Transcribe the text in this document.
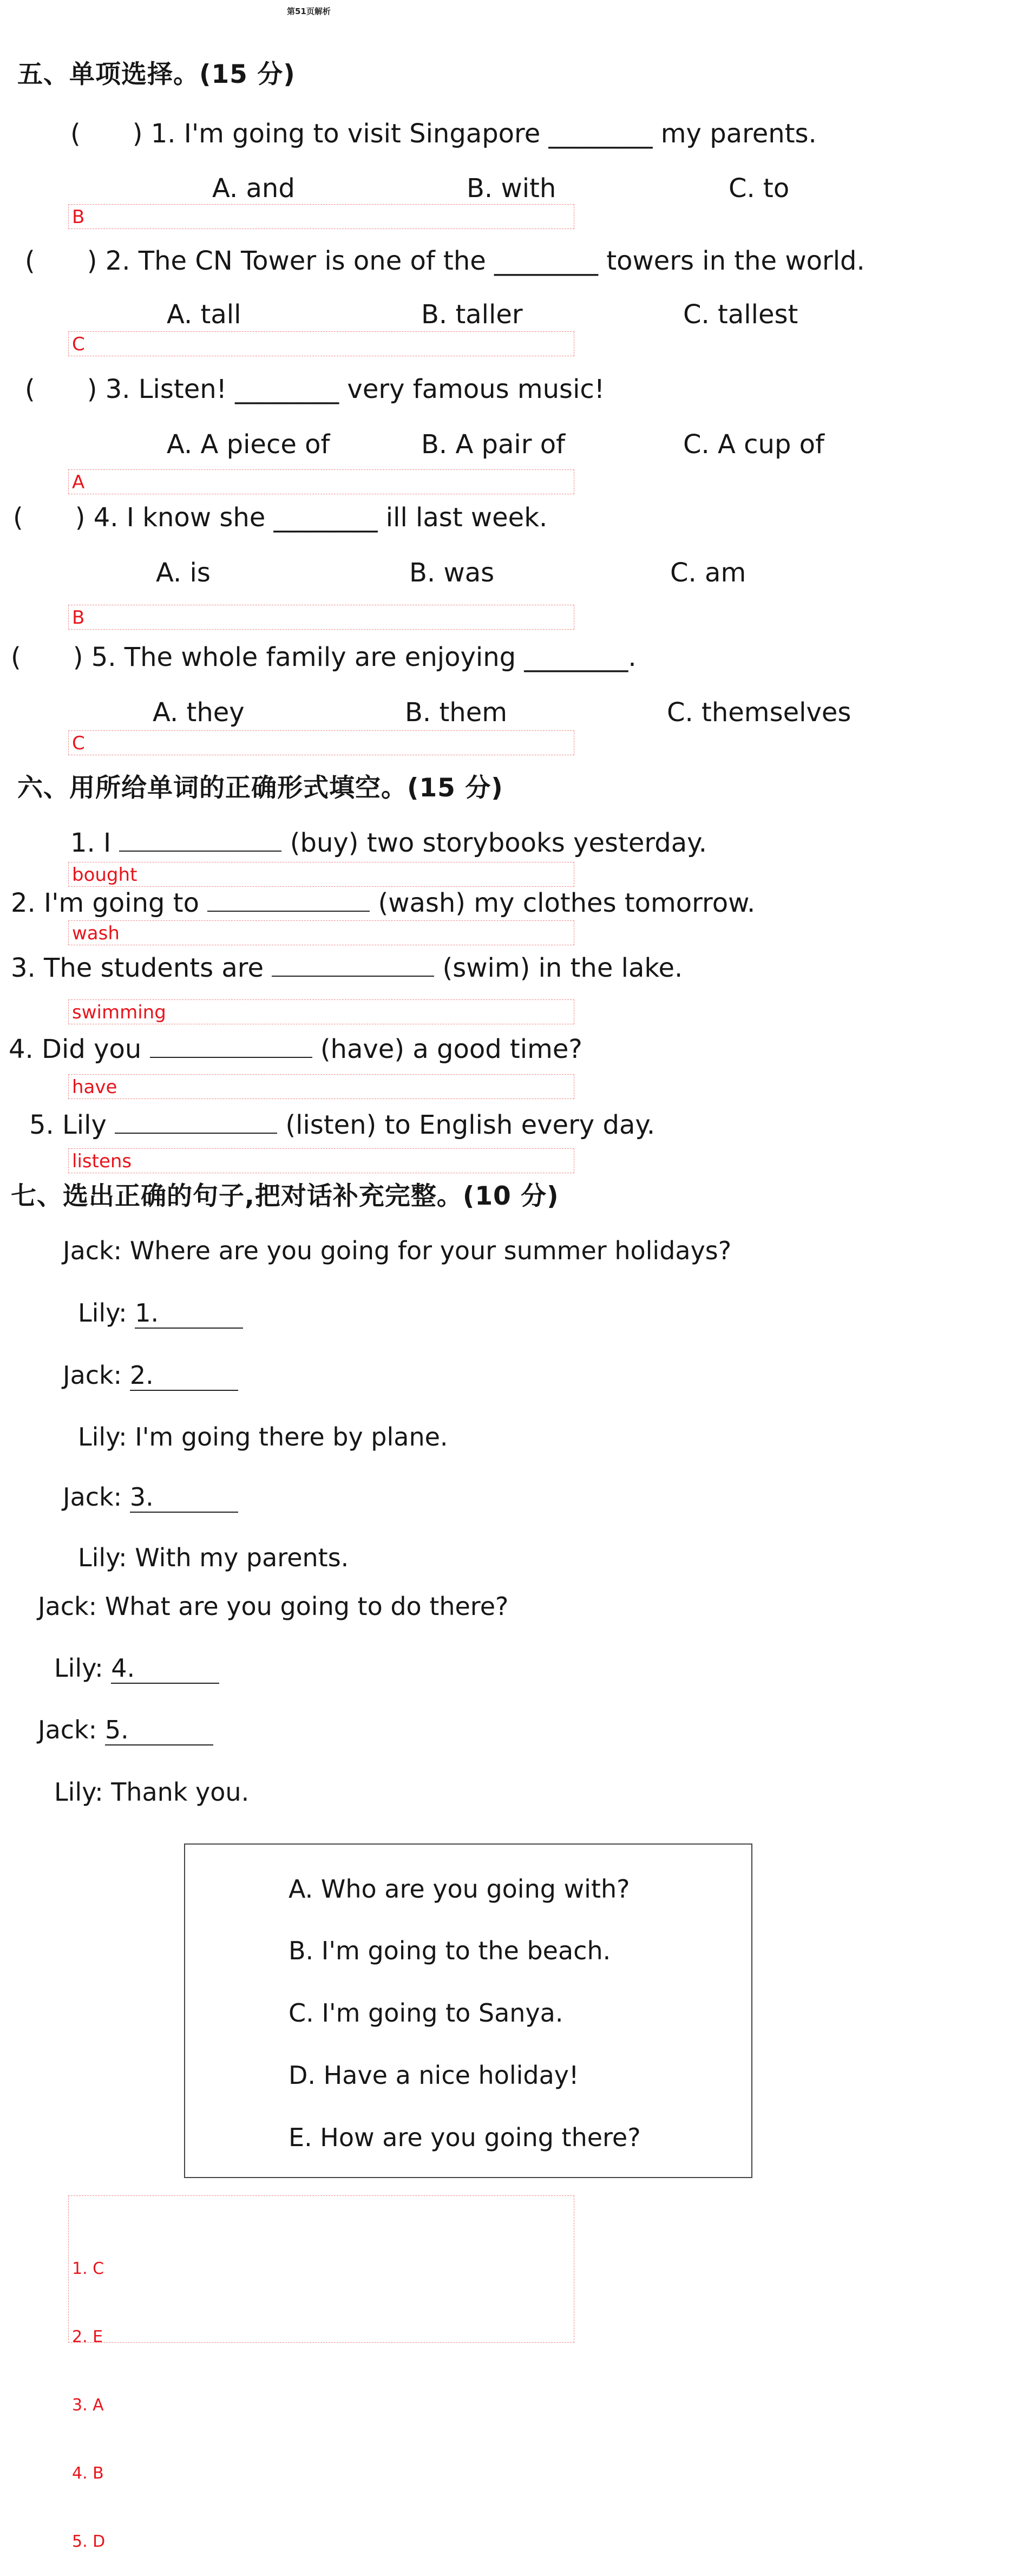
第51页解析
五、单项选择。(15 分)
(　　) 1. I'm going to visit Singapore ________ my parents.
A. and	B. with	C. to
B
(　　) 2. The CN Tower is one of the ________ towers in the world.
A. tall	B. taller	C. tallest
C
(　　) 3. Listen! ________ very famous music!
A. A piece of	B. A pair of	C. A cup of
A
(　　) 4. I know she ________ ill last week.
A. is	B. was	C. am
B
(　　) 5. The whole family are enjoying ________.
A. they	B. them	C. themselves
C
六、用所给单词的正确形式填空。(15 分)
1. I	(buy) two storybooks yesterday.
bought
2. I'm going to	(wash) my clothes tomorrow.
wash
3. The students are	(swim) in the lake.
swimming
4. Did you	(have) a good time?
have
5. Lily	(listen) to English every day.
listens
七、选出正确的句子,把对话补充完整。(10 分)
Jack: Where are you going for your summer holidays?
Lily: 1.
Jack: 2.
Lily: I'm going there by plane.
Jack: 3.
Lily: With my parents.
Jack: What are you going to do there?
Lily: 4.
Jack: 5.
Lily: Thank you.
A. Who are you going with?
B. I'm going to the beach.
C. I'm going to Sanya.
D. Have a nice holiday!
E. How are you going there?

1. C

2. E

3. A

4. B

5. D
